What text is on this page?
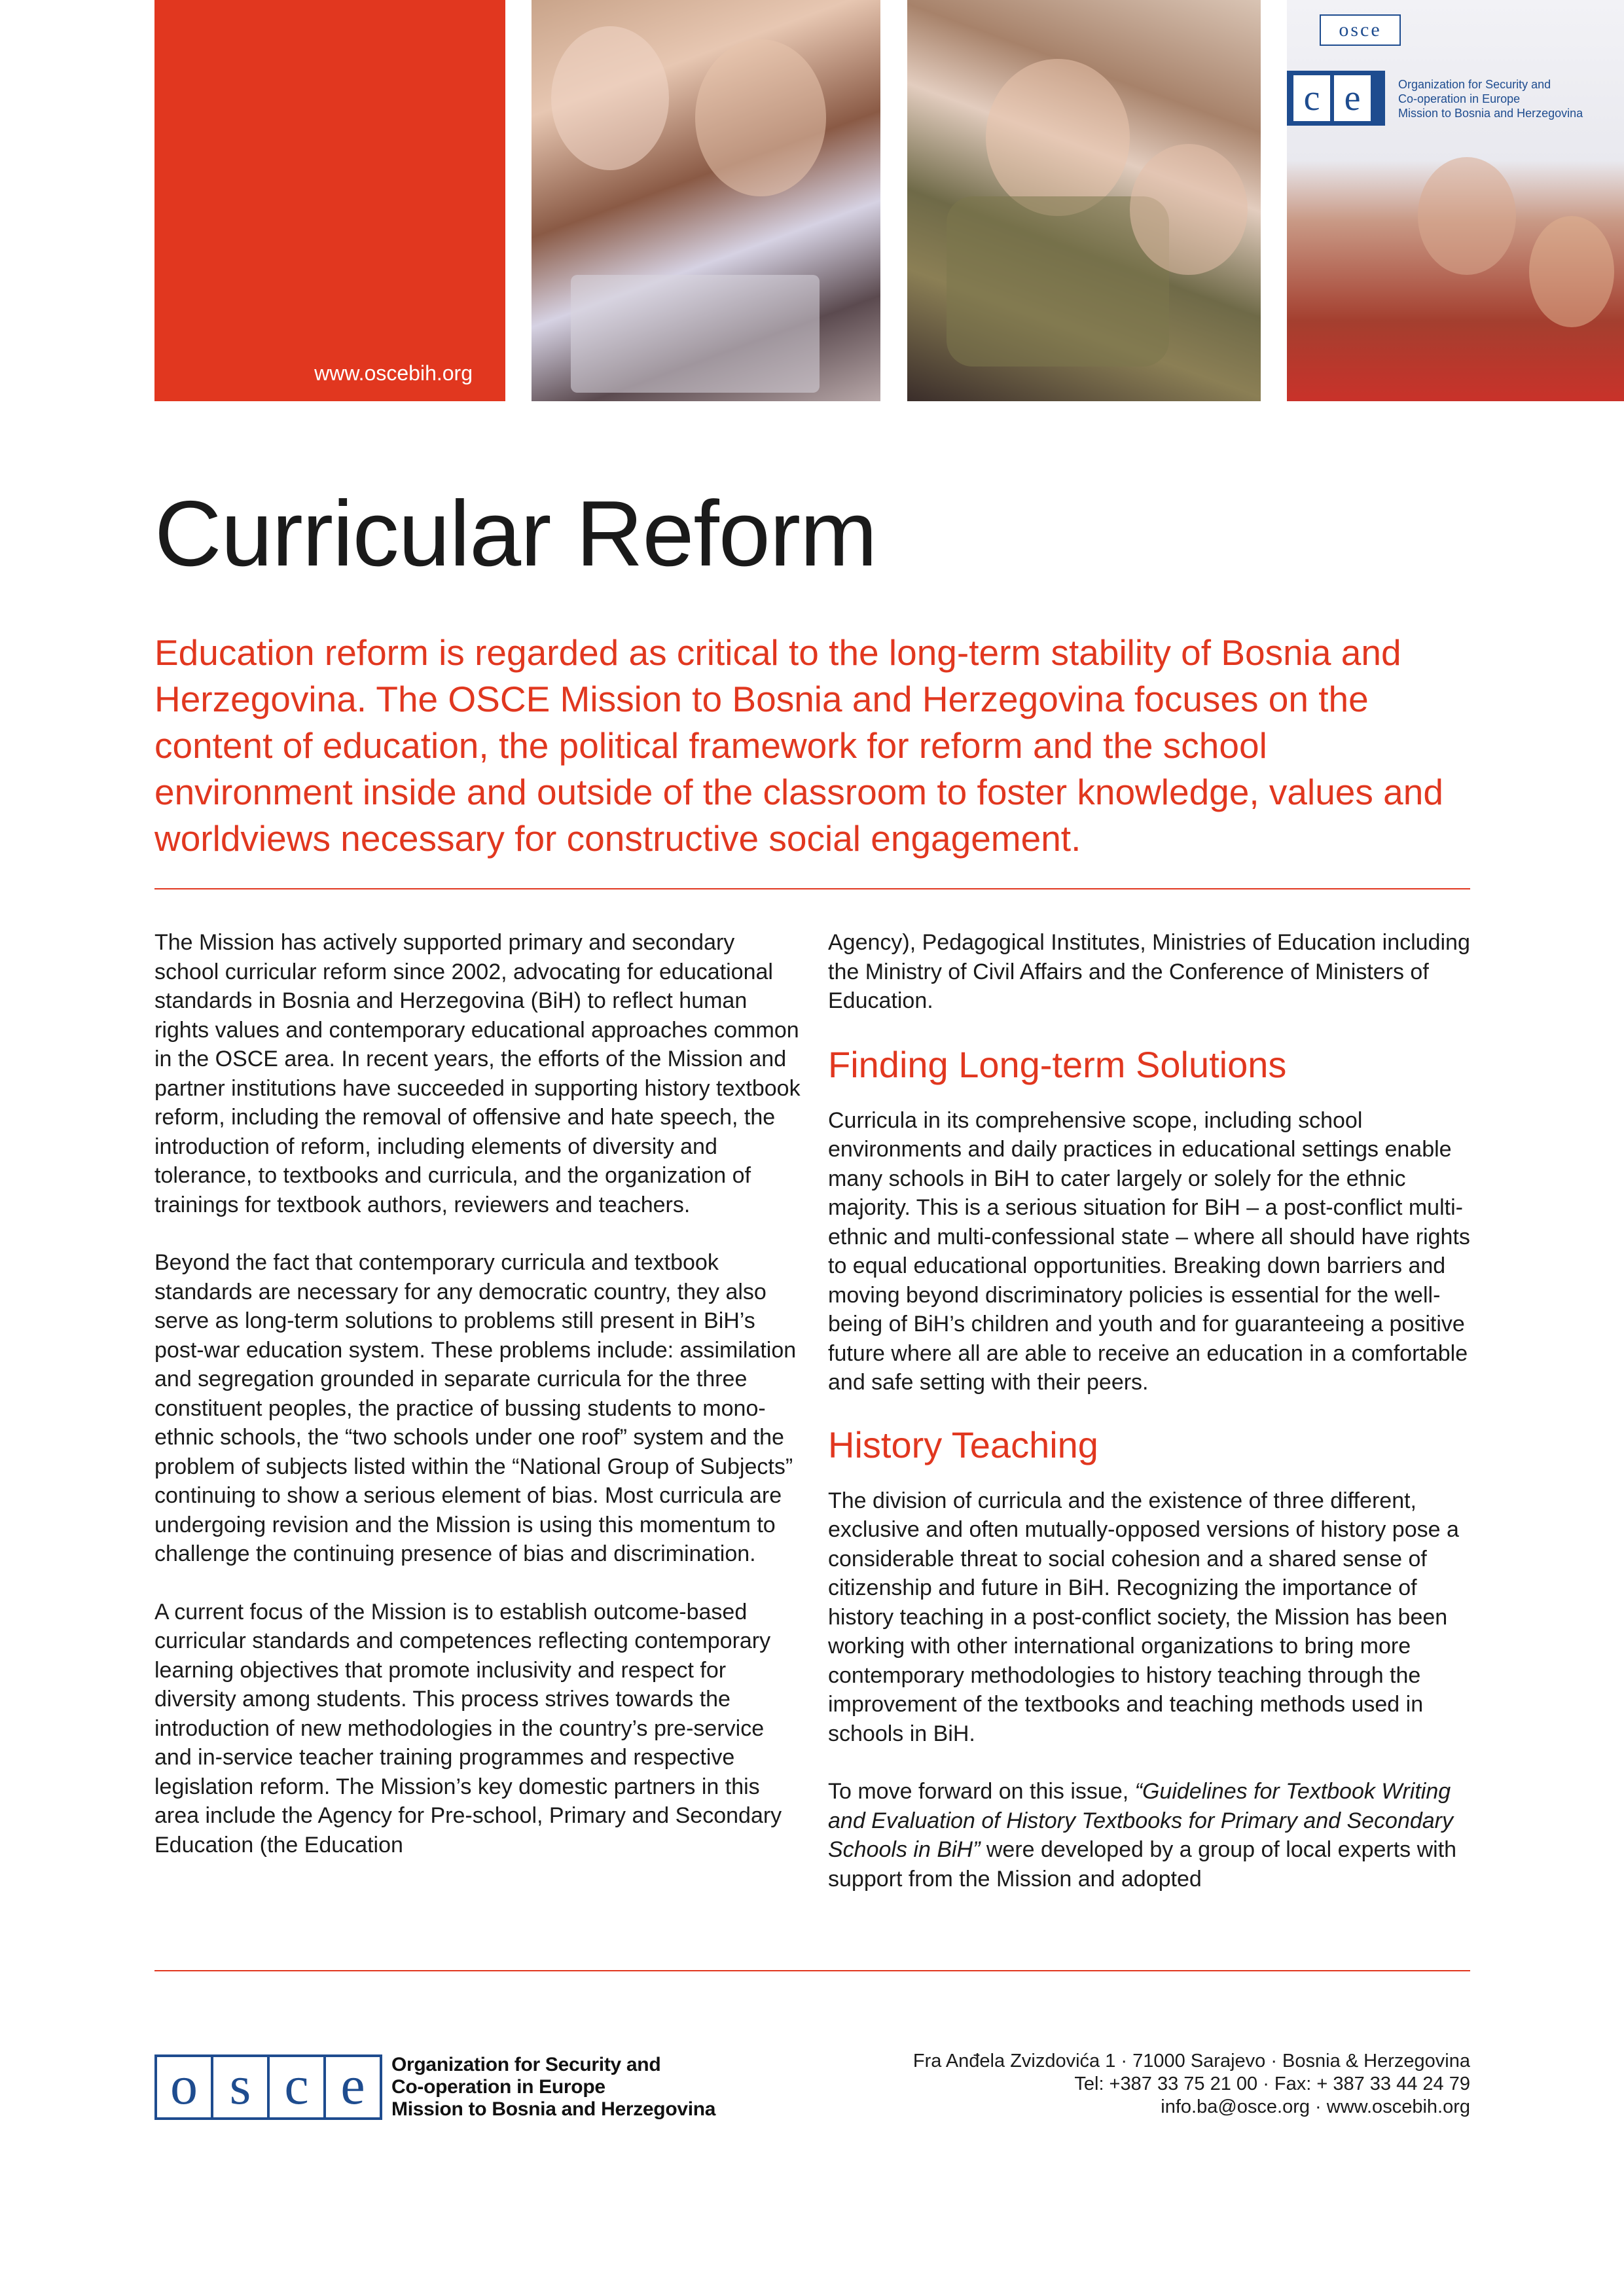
www.oscebih.org
osce
c e	Organization for Security and
Co-operation in Europe
Mission to Bosnia and Herzegovina
Curricular Reform

Education reform is regarded as critical to the long-term stability of Bosnia and Herzegovina. The OSCE Mission to Bosnia and Herzegovina focuses on the content of education, the political framework for reform and the school environment inside and outside of the classroom to foster knowledge, values and worldviews necessary for constructive social engagement.

The Mission has actively supported primary and secondary school curricular reform since 2002, advocating for educational standards in Bosnia and Herzegovina (BiH) to reflect human rights values and contemporary educational approaches common in the OSCE area. In recent years, the efforts of the Mission and partner institutions have succeeded in supporting history textbook reform, including the removal of offensive and hate speech, the introduction of reform, including elements of diversity and tolerance, to textbooks and curricula, and the organization of trainings for textbook authors, reviewers and teachers.

Beyond the fact that contemporary curricula and textbook standards are necessary for any democratic country, they also serve as long-term solutions to problems still present in BiH’s post-war education system. These problems include: assimilation and segregation grounded in separate curricula for the three constituent peoples, the practice of bussing students to mono-ethnic schools, the “two schools under one roof” system and the problem of subjects listed within the “National Group of Subjects” continuing to show a serious element of bias. Most curricula are undergoing revision and the Mission is using this momentum to challenge the continuing presence of bias and discrimination.

A current focus of the Mission is to establish outcome-based curricular standards and competences reflecting contemporary learning objectives that promote inclusivity and respect for diversity among students. This process strives towards the introduction of new methodologies in the country’s pre-service and in-service teacher training programmes and respective legislation reform. The Mission’s key domestic partners in this area include the Agency for Pre-school, Primary and Secondary Education (the Education

Agency), Pedagogical Institutes, Ministries of Education including the Ministry of Civil Affairs and the Conference of Ministers of Education.

Finding Long-term Solutions

Curricula in its comprehensive scope, including school environments and daily practices in educational settings enable many schools in BiH to cater largely or solely for the ethnic majority. This is a serious situation for BiH – a post-conflict multi-ethnic and multi-confessional state – where all should have rights to equal educational opportunities. Breaking down barriers and moving beyond discriminatory policies is essential for the well-being of BiH’s children and youth and for guaranteeing a positive future where all are able to receive an education in a comfortable and safe setting with their peers.

History Teaching

The division of curricula and the existence of three different, exclusive and often mutually-opposed versions of history pose a considerable threat to social cohesion and a shared sense of citizenship and future in BiH. Recognizing the importance of history teaching in a post-conflict society, the Mission has been working with other international organizations to bring more contemporary methodologies to history teaching through the improvement of the textbooks and teaching methods used in schools in BiH.

To move forward on this issue, “Guidelines for Textbook Writing and Evaluation of History Textbooks for Primary and Secondary Schools in BiH” were developed by a group of local experts with support from the Mission and adopted

o s c e	Organization for Security and
Co-operation in Europe
Mission to Bosnia and Herzegovina
Fra Anđela Zvizdovića 1 · 71000 Sarajevo · Bosnia & Herzegovina
Tel: +387 33 75 21 00 · Fax: + 387 33 44 24 79
info.ba@osce.org · www.oscebih.org
